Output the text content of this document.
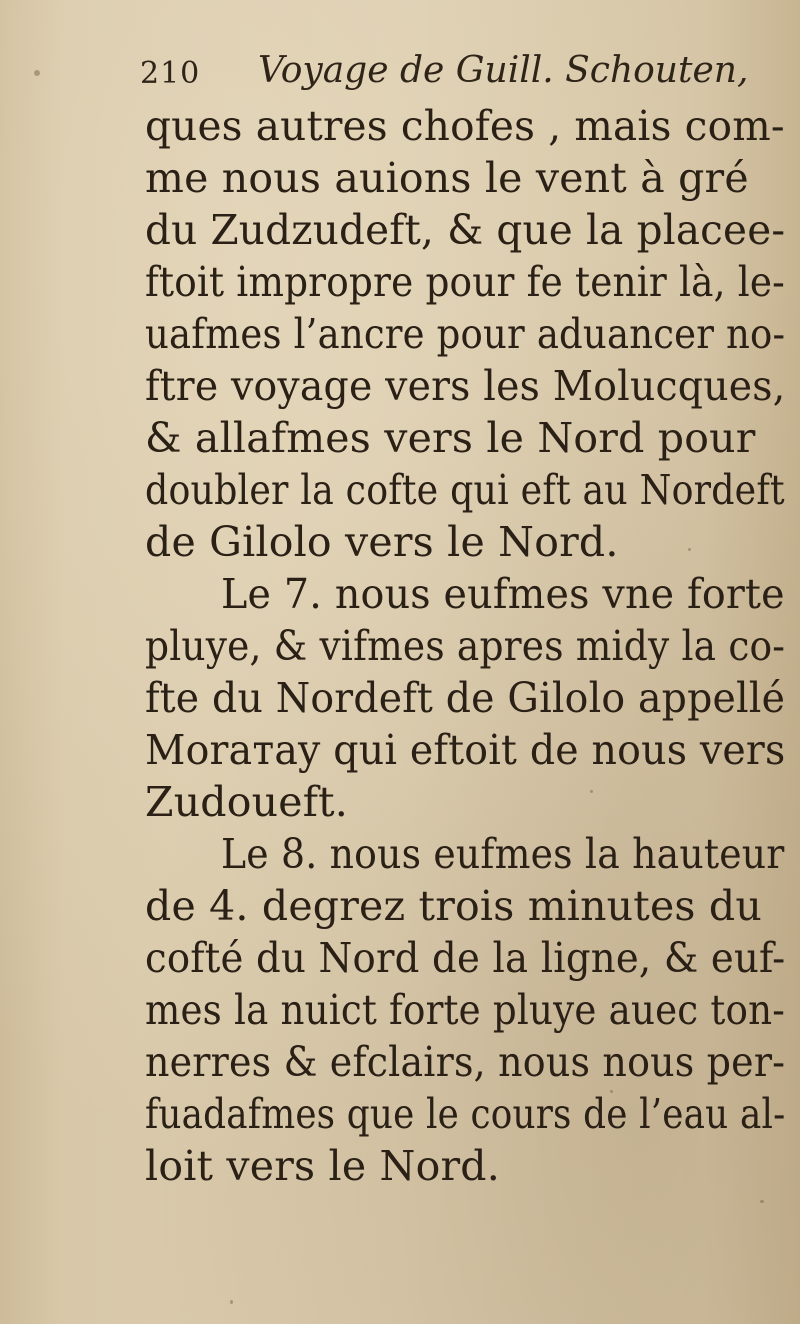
210 Voyage de Guill. Schouten,
ques autres chofes , mais com-
me nous auions le vent à gré
du Zudzudeft, & que la placee-
ftoit impropre pour fe tenir là, le-
uafmes l’ancre pour aduancer no-
ftre voyage vers les Molucques,
& allafmes vers le Nord pour
doubler la cofte qui eft au Nordeft
de Gilolo vers le Nord.
Le 7. nous eufmes vne forte
pluye, & vifmes apres midy la co-
fte du Nordeft de Gilolo appellé
Morатay qui eftoit de nous vers
Zudoueft.
Le 8. nous eufmes la hauteur
de 4. degrez trois minutes du
cofté du Nord de la ligne, & euf-
mes la nuict forte pluye auec ton-
nerres & efclairs, nous nous per-
fuadafmes que le cours de l’eau al-
loit vers le Nord.
